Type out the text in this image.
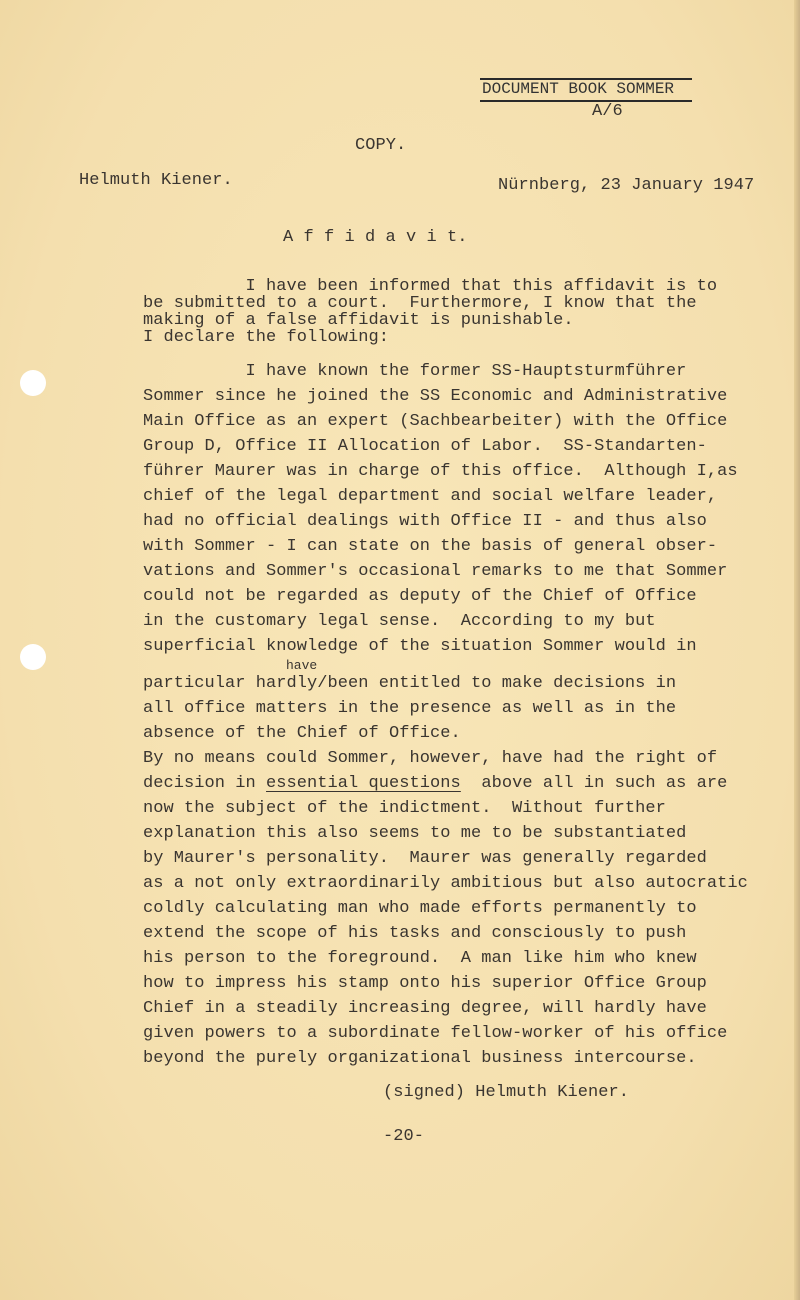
DOCUMENT BOOK SOMMER
A/6
COPY.
Helmuth Kiener.	Nürnberg, 23 January 1947
A f f i d a v i t.
I have been informed that this affidavit is to
be submitted to a court.  Furthermore, I know that the
making of a false affidavit is punishable.
I declare the following:
I have known the former SS-Hauptsturmführer
Sommer since he joined the SS Economic and Administrative
Main Office as an expert (Sachbearbeiter) with the Office
Group D, Office II Allocation of Labor.  SS-Standarten-
führer Maurer was in charge of this office.  Although I,as
chief of the legal department and social welfare leader,
had no official dealings with Office II - and thus also
with Sommer - I can state on the basis of general obser-
vations and Sommer's occasional remarks to me that Sommer
could not be regarded as deputy of the Chief of Office
in the customary legal sense.  According to my but
superficial knowledge of the situation Sommer would in
particular hardly/been entitled to make decisions in
all office matters in the presence as well as in the
absence of the Chief of Office.
By no means could Sommer, however, have had the right of
have
decision in essential questions  above all in such as are
now the subject of the indictment.  Without further
explanation this also seems to me to be substantiated
by Maurer's personality.  Maurer was generally regarded
as a not only extraordinarily ambitious but also autocratic
coldly calculating man who made efforts permanently to
extend the scope of his tasks and consciously to push
his person to the foreground.  A man like him who knew
how to impress his stamp onto his superior Office Group
Chief in a steadily increasing degree, will hardly have
given powers to a subordinate fellow-worker of his office
beyond the purely organizational business intercourse.
(signed) Helmuth Kiener.
-20-
